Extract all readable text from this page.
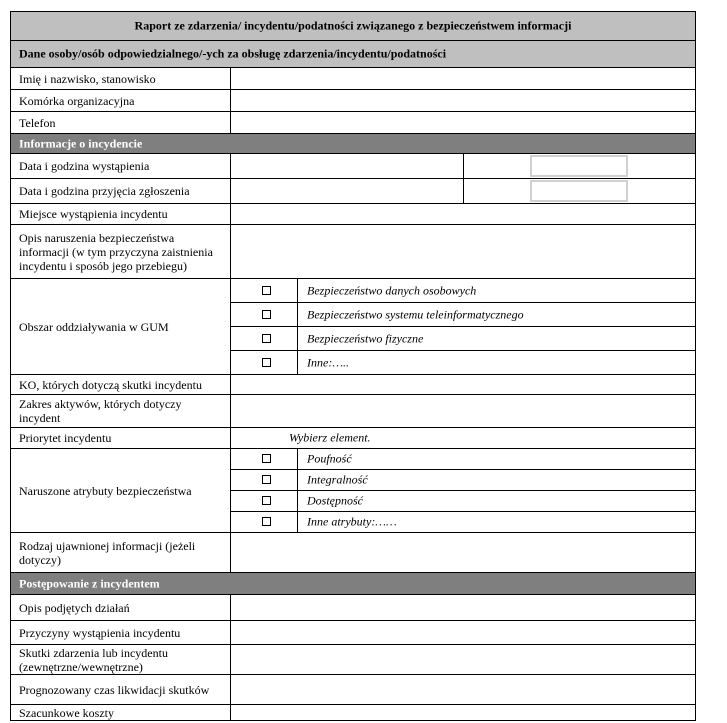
Raport ze zdarzenia/ incydentu/podatności związanego z bezpieczeństwem informacji
Dane osoby/osób odpowiedzialnego/-ych za obsługę zdarzenia/incydentu/podatności
Imię i nazwisko, stanowisko
Komórka organizacyjna
Telefon
Informacje o incydencie
Data i godzina wystąpienia
Data i godzina przyjęcia zgłoszenia
Miejsce wystąpienia incydentu
Opis naruszenia bezpieczeństwa informacji (w tym przyczyna zaistnienia incydentu i sposób jego przebiegu)
Obszar oddziaływania w GUM
Bezpieczeństwo danych osobowych
Bezpieczeństwo systemu teleinformatycznego
Bezpieczeństwo fizyczne
Inne:…..
KO, których dotyczą skutki incydentu
Zakres aktywów, których dotyczy incydent
Priorytet incydentu	Wybierz element.
Naruszone atrybuty bezpieczeństwa
Poufność
Integralność
Dostępność
Inne atrybuty:……
Rodzaj ujawnionej informacji (jeżeli dotyczy)
Postępowanie z incydentem
Opis podjętych działań
Przyczyny wystąpienia incydentu
Skutki zdarzenia lub incydentu (zewnętrzne/wewnętrzne)
Prognozowany czas likwidacji skutków
Szacunkowe koszty
